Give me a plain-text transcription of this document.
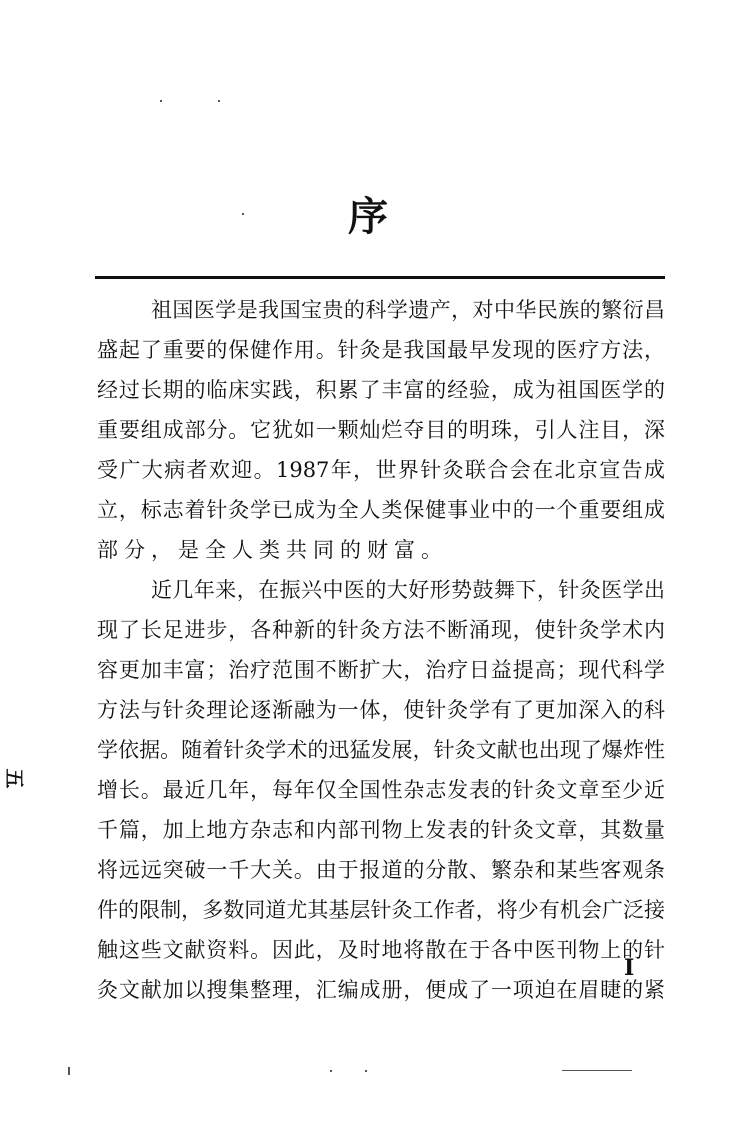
序
祖国医学是我国宝贵的科学遗产，对中华民族的繁衍昌
盛起了重要的保健作用。针灸是我国最早发现的医疗方法，
经过长期的临床实践，积累了丰富的经验，成为祖国医学的
重要组成部分。它犹如一颗灿烂夺目的明珠，引人注目，深
受广大病者欢迎。1987年，世界针灸联合会在北京宣告成
立，标志着针灸学已成为全人类保健事业中的一个重要组成
部分，是全人类共同的财富。
近几年来，在振兴中医的大好形势鼓舞下，针灸医学出
现了长足进步，各种新的针灸方法不断涌现，使针灸学术内
容更加丰富；治疗范围不断扩大，治疗日益提高；现代科学
方法与针灸理论逐渐融为一体，使针灸学有了更加深入的科
学依据。随着针灸学术的迅猛发展，针灸文献也出现了爆炸性
增长。最近几年，每年仅全国性杂志发表的针灸文章至少近
千篇，加上地方杂志和内部刊物上发表的针灸文章，其数量
将远远突破一千大关。由于报道的分散、繁杂和某些客观条
件的限制，多数同道尤其基层针灸工作者，将少有机会广泛接
触这些文献资料。因此，及时地将散在于各中医刊物上的针
灸文献加以搜集整理，汇编成册，便成了一项迫在眉睫的紧
五
I
